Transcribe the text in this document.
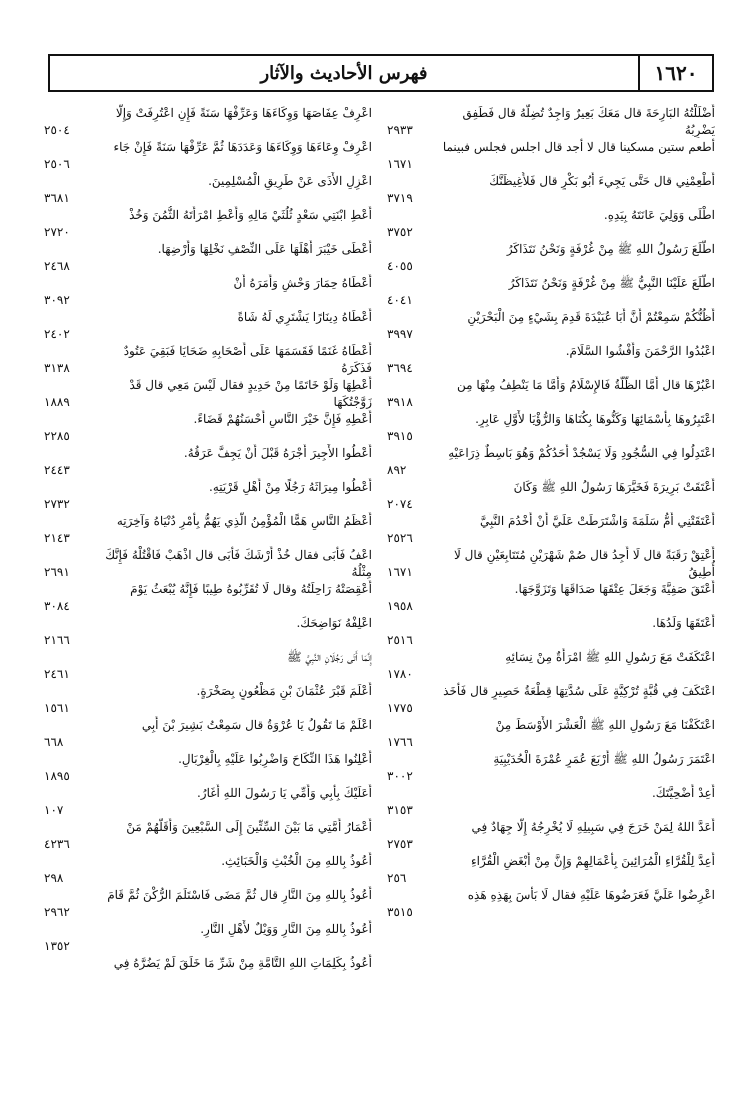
١٦٢٠
فهرس الأحاديث والآثار
أَضْلَلْتُهُ البَارِحَةَ قال مَعَكَ بَعِيرٌ وَاجِدٌ تُضِلُّهُ قال فَطَفِق
٢٩٣٣	يَضْرِبُهُ
أطعم ستين مسكينا قال لا أجد قال اجلس فجلس فبينما
١٦٧١
أَطْعِمْنِي قال حَتَّى يَجِيءَ أَبُو بَكْرٍ قال فَلأُغِيظَنَّكَ
٣٧١٩
اطْلَى وَوَلِيَ عَانَتَهُ بِيَدِهِ.
٣٧٥٢
اطَّلَعَ رَسُولُ اللهِ ﷺ مِنْ غُرْفَةٍ وَنَحْنُ نَتَذَاكَرُ
٤٠٥٥
اطَّلَعَ عَلَيْنَا النَّبِيُّ ﷺ مِنْ غُرْفَةٍ وَنَحْنُ نَتَذَاكَرُ
٤٠٤١
أَظُنُّكُمْ سَمِعْتُمْ أَنَّ أَبَا عُبَيْدَةَ قَدِمَ بِشَيْءٍ مِنَ الْبَحْرَيْنِ
٣٩٩٧
اعْبُدُوا الرَّحْمَنَ وَأَفْشُوا السَّلَامَ.
٣٦٩٤
اعْبُرْهَا قال أَمَّا الظُّلَّةُ فَالإِسْلَامُ وَأَمَّا مَا يَنْطِفُ مِنْهَا مِن
٣٩١٨
اعْتَبِرُوهَا بِأَسْمَائِهَا وَكَنُّوهَا بِكُنَاهَا وَالرُّؤْيَا لأَوَّلِ عَابِرٍ.
٣٩١٥
اعْتَدِلُوا فِي السُّجُودِ وَلَا يَسْجُدْ أَحَدُكُمْ وَهُوَ بَاسِطٌ ذِرَاعَيْهِ
٨٩٢
أَعْتَقَتْ بَرِيرَةَ فَخَيَّرَهَا رَسُولُ اللهِ ﷺ وَكَانَ
٢٠٧٤
أَعْتَقَتْنِي أُمُّ سَلَمَةَ وَاشْتَرَطَتْ عَلَيَّ أَنْ أَخْدُمَ النَّبِيَّ
٢٥٢٦
أَعْتِقْ رَقَبَةً قال لَا أَجِدُ قال صُمْ شَهْرَيْنِ مُتَتَابِعَيْنِ قال لَا
١٦٧١	أُطِيقُ
أَعْتَقَ صَفِيَّةَ وَجَعَلَ عِتْقَهَا صَدَاقَهَا وَتَزَوَّجَهَا.
١٩٥٨
أَعْتَقَهَا وَلَدُهَا.
٢٥١٦
اعْتَكَفَتْ مَعَ رَسُولِ اللهِ ﷺ امْرَأَةٌ مِنْ نِسَائِهِ
١٧٨٠
اعْتَكَفَ فِي قُبَّةٍ تُرْكِيَّةٍ عَلَى سُدَّتِهَا قِطْعَةُ حَصِيرٍ قال فَأَخَذ
١٧٧٥
اعْتَكَفْنَا مَعَ رَسُولِ اللهِ ﷺ الْعَشْرَ الأَوْسَطَ مِنْ
١٧٦٦
اعْتَمَرَ رَسُولُ اللهِ ﷺ أَرْبَعَ عُمَرٍ عُمْرَةَ الْحُدَيْبِيَةِ
٣٠٠٢
أَعِدْ أُضْحِيَّتَكَ.
٣١٥٣
أَعَدَّ اللهُ لِمَنْ خَرَجَ فِي سَبِيلِهِ لَا يُخْرِجُهُ إِلَّا جِهَادٌ فِي
٢٧٥٣
أُعِدَّ لِلْقُرَّاءِ الْمُرَائِينَ بِأَعْمَالِهِمْ وَإِنَّ مِنْ أَبْغَضِ الْقُرَّاءِ
٢٥٦
اعْرِضُوا عَلَيَّ فَعَرَضُوهَا عَلَيْهِ فقال لَا بَأْسَ بِهَذِهِ هَذِه
٣٥١٥
اعْرِفْ عِفَاصَهَا وَوِكَاءَهَا وَعَرِّفْهَا سَنَةً فَإِنِ اعْتُرِفَتْ وَإِلَّا
٢٥٠٤
اعْرِفْ وِعَاءَهَا وَوِكَاءَهَا وَعَدَدَهَا ثُمَّ عَرِّفْهَا سَنَةً فَإِنْ جَاء
٢٥٠٦
اعْزِلِ الأَذَى عَنْ طَرِيقِ الْمُسْلِمِينَ.
٣٦٨١
أَعْطِ ابْنَتِي سَعْدٍ ثُلُثَيْ مَالِهِ وَأَعْطِ امْرَأَتَهُ الثُّمُنَ وَخُذْ
٢٧٢٠
أَعْطَى خَيْبَرَ أَهْلَهَا عَلَى النِّصْفِ نَخْلِهَا وَأَرْضِهَا.
٢٤٦٨
أَعْطَاهُ حِمَارَ وَحْشٍ وَأَمَرَهُ أَنْ
٣٠٩٢
أَعْطَاهُ دِينَارًا يَشْتَرِي لَهُ شَاةً
٢٤٠٢
أَعْطَاهُ غَنَمًا فَقَسَمَهَا عَلَى أَصْحَابِهِ ضَحَايَا فَبَقِيَ عَتُودٌ
٣١٣٨	فَذَكَرَهُ
أَعْطِهَا وَلَوْ خَاتَمًا مِنْ حَدِيدٍ فقال لَيْسَ مَعِي قال قَدْ
١٨٨٩	زَوَّجْتُكَهَا
أَعْطِهِ فَإِنَّ خَيْرَ النَّاسِ أَحْسَنُهُمْ قَضَاءً.
٢٢٨٥
أَعْطُوا الأَجِيرَ أَجْرَهُ قَبْلَ أَنْ يَجِفَّ عَرَقُهُ.
٢٤٤٣
أَعْطُوا مِيرَاثَهُ رَجُلًا مِنْ أَهْلِ قَرْيَتِهِ.
٢٧٣٢
أَعْظَمُ النَّاسِ هَمًّا الْمُؤْمِنُ الَّذِي يَهُمُّ بِأَمْرِ دُنْيَاهُ وَآخِرَتِه
٢١٤٣
اعْفُ فَأَبَى فقال خُذْ أَرْشَكَ فَأَبَى قال اذْهَبْ فَاقْتُلْهُ فَإِنَّكَ
٢٦٩١	مِثْلُهُ
أَعْقِصَتْهُ رَاحِلَتُهُ وقال لَا تُقَرِّبُوهُ طِيبًا فَإِنَّهُ يُبْعَثُ يَوْمَ
٣٠٨٤
اعْلِفْهُ نَوَاضِحَكَ.
٢١٦٦
إِنَّمَا أَتَى رَجُلَانِ النَّبِيَّ ﷺ
٢٤٦١
أَعْلَمَ قَبْرَ عُثْمَانَ بْنِ مَظْعُونٍ بِصَخْرَةٍ.
١٥٦١
اعْلَمْ مَا تَقُولُ يَا عُرْوَةُ قال سَمِعْتُ بَشِيرَ بْنَ أَبِي
٦٦٨
أَعْلِنُوا هَذَا النِّكَاحَ وَاضْرِبُوا عَلَيْهِ بِالْغِرْبَالِ.
١٨٩٥
أَعَلَيْكَ بِأَبِي وَأُمِّي يَا رَسُولَ اللهِ أَغَارُ.
١٠٧
أَعْمَارُ أُمَّتِي مَا بَيْنَ السِّتِّينَ إِلَى السَّبْعِينَ وَأَقَلُّهُمْ مَنْ
٤٢٣٦
أَعُوذُ بِاللهِ مِنَ الْخُبْثِ وَالْخَبَائِثِ.
٢٩٨
أَعُوذُ بِاللهِ مِنَ النَّارِ قال ثُمَّ مَضَى فَاسْتَلَمَ الرُّكْنَ ثُمَّ قَامَ
٢٩٦٢
أَعُوذُ بِاللهِ مِنَ النَّارِ وَوَيْلٌ لأَهْلِ النَّارِ.
١٣٥٢
أَعُوذُ بِكَلِمَاتِ اللهِ التَّامَّةِ مِنْ شَرِّ مَا خَلَقَ لَمْ يَضُرَّهُ فِي
